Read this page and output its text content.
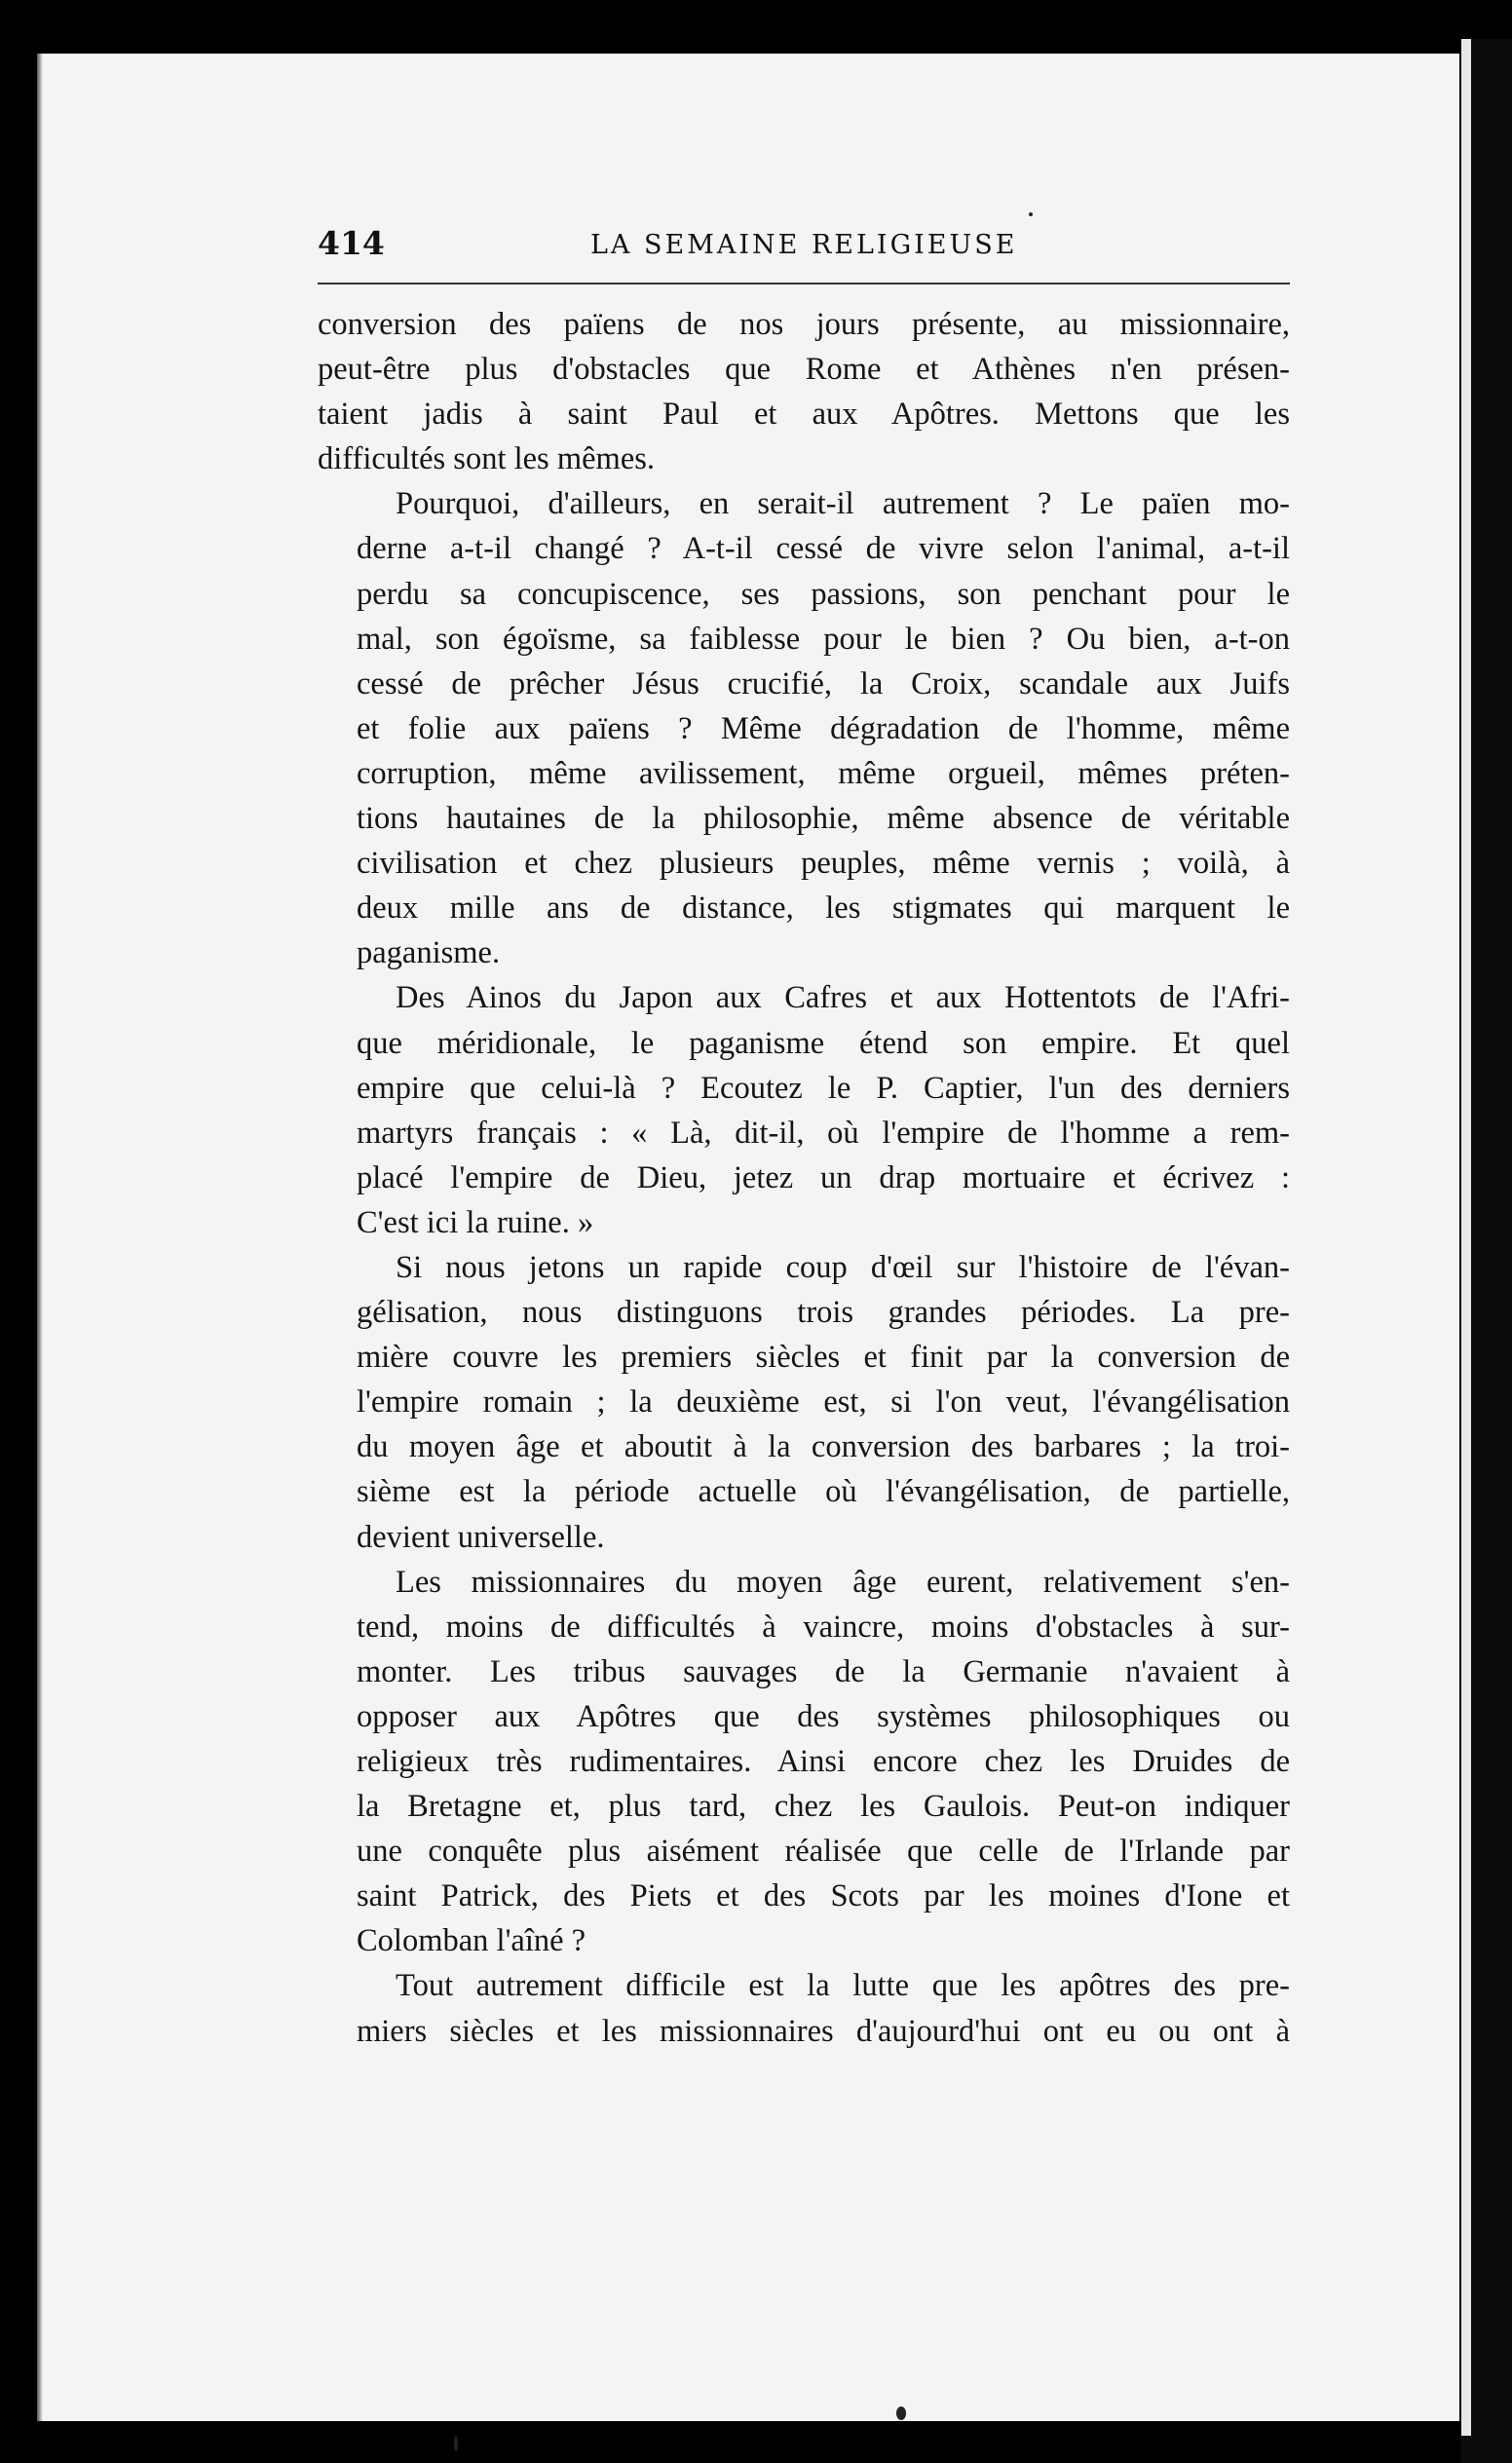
414	LA SEMAINE RELIGIEUSE
conversion des païens de nos jours présente, au missionnaire,
peut-être plus d'obstacles que Rome et Athènes n'en présen-
taient jadis à saint Paul et aux Apôtres. Mettons que les
difficultés sont les mêmes.
Pourquoi, d'ailleurs, en serait-il autrement ? Le païen mo-
derne a-t-il changé ? A-t-il cessé de vivre selon l'animal, a-t-il
perdu sa concupiscence, ses passions, son penchant pour le
mal, son égoïsme, sa faiblesse pour le bien ? Ou bien, a-t-on
cessé de prêcher Jésus crucifié, la Croix, scandale aux Juifs
et folie aux païens ? Même dégradation de l'homme, même
corruption, même avilissement, même orgueil, mêmes préten-
tions hautaines de la philosophie, même absence de véritable
civilisation et chez plusieurs peuples, même vernis ; voilà, à
deux mille ans de distance, les stigmates qui marquent le
paganisme.
Des Ainos du Japon aux Cafres et aux Hottentots de l'Afri-
que méridionale, le paganisme étend son empire. Et quel
empire que celui-là ? Ecoutez le P. Captier, l'un des derniers
martyrs français : « Là, dit-il, où l'empire de l'homme a rem-
placé l'empire de Dieu, jetez un drap mortuaire et écrivez :
C'est ici la ruine. »
Si nous jetons un rapide coup d'œil sur l'histoire de l'évan-
gélisation, nous distinguons trois grandes périodes. La pre-
mière couvre les premiers siècles et finit par la conversion de
l'empire romain ; la deuxième est, si l'on veut, l'évangélisation
du moyen âge et aboutit à la conversion des barbares ; la troi-
sième est la période actuelle où l'évangélisation, de partielle,
devient universelle.
Les missionnaires du moyen âge eurent, relativement s'en-
tend, moins de difficultés à vaincre, moins d'obstacles à sur-
monter. Les tribus sauvages de la Germanie n'avaient à
opposer aux Apôtres que des systèmes philosophiques ou
religieux très rudimentaires. Ainsi encore chez les Druides de
la Bretagne et, plus tard, chez les Gaulois. Peut-on indiquer
une conquête plus aisément réalisée que celle de l'Irlande par
saint Patrick, des Piets et des Scots par les moines d'Ione et
Colomban l'aîné ?
Tout autrement difficile est la lutte que les apôtres des pre-
miers siècles et les missionnaires d'aujourd'hui ont eu ou ont à
